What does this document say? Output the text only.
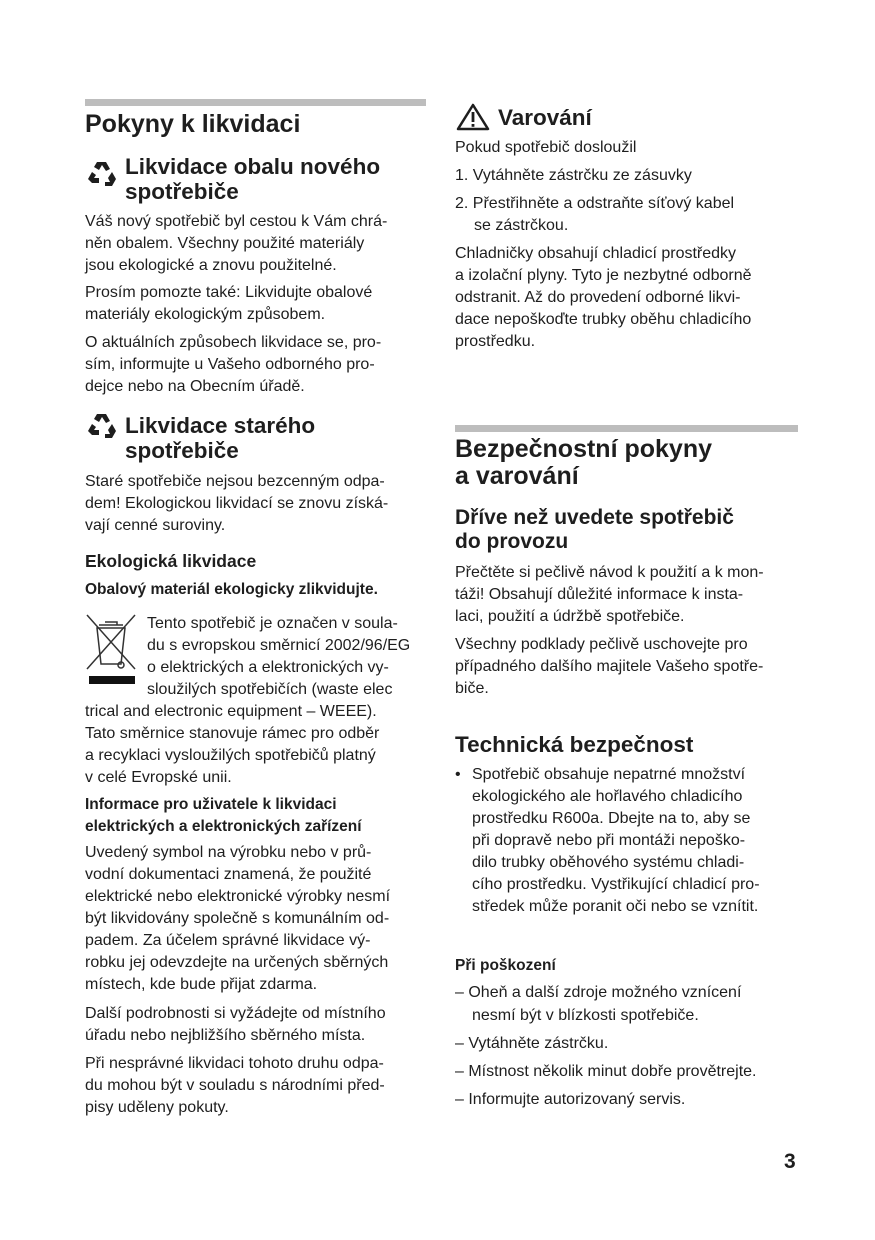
Pokyny k likvidaci
Likvidace obalu nového
spotřebiče
Váš nový spotřebič byl cestou k Vám chrá-
něn obalem. Všechny použité materiály
jsou ekologické a znovu použitelné.
Prosím pomozte také: Likvidujte obalové
materiály ekologickým způsobem.
O aktuálních způsobech likvidace se, pro-
sím, informujte u Vašeho odborného pro-
dejce nebo na Obecním úřadě.
Likvidace starého
spotřebiče
Staré spotřebiče nejsou bezcenným odpa-
dem! Ekologickou likvidací se znovu získá-
vají cenné suroviny.
Ekologická likvidace
Obalový materiál ekologicky zlikvidujte.
Tento spotřebič je označen v soula-
du s evropskou směrnicí 2002/96/EG
o elektrických a elektronických vy-
sloužilých spotřebičích (waste elec
trical and electronic equipment – WEEE).
Tato směrnice stanovuje rámec pro odběr
a recyklaci vysloužilých spotřebičů platný
v celé Evropské unii.
Informace pro uživatele k likvidaci
elektrických a elektronických zařízení
Uvedený symbol na výrobku nebo v prů-
vodní dokumentaci znamená, že použité
elektrické nebo elektronické výrobky nesmí
být likvidovány společně s komunálním od-
padem. Za účelem správné likvidace vý-
robku jej odevzdejte na určených sběrných
místech, kde bude přijat zdarma.
Další podrobnosti si vyžádejte od místního
úřadu nebo nejbližšího sběrného místa.
Při nesprávné likvidaci tohoto druhu odpa-
du mohou být v souladu s národními před-
pisy uděleny pokuty.
Varování
Pokud spotřebič dosloužil
1. Vytáhněte zástrčku ze zásuvky
2. Přestřihněte a odstraňte síťový kabel
se zástrčkou.
Chladničky obsahují chladicí prostředky
a izolační plyny. Tyto je nezbytné odborně
odstranit. Až do provedení odborné likvi-
dace nepoškoďte trubky oběhu chladicího
prostředku.
Bezpečnostní pokyny
a varování
Dříve než uvedete spotřebič
do provozu
Přečtěte si pečlivě návod k použití a k mon-
táži! Obsahují důležité informace k insta-
laci, použití a údržbě spotřebiče.
Všechny podklady pečlivě uschovejte pro
případného dalšího majitele Vašeho spotře-
biče.
Technická bezpečnost
• Spotřebič obsahuje nepatrné množství
ekologického ale hořlavého chladicího
prostředku R600a. Dbejte na to, aby se
při dopravě nebo při montáži nepoško-
dilo trubky oběhového systému chladi-
cího prostředku. Vystřikující chladicí pro-
středek může poranit oči nebo se vznítit.
Při poškození
– Oheň a další zdroje možného vznícení
nesmí být v blízkosti spotřebiče.
– Vytáhněte zástrčku.
– Místnost několik minut dobře provětrejte.
– Informujte autorizovaný servis.
3
